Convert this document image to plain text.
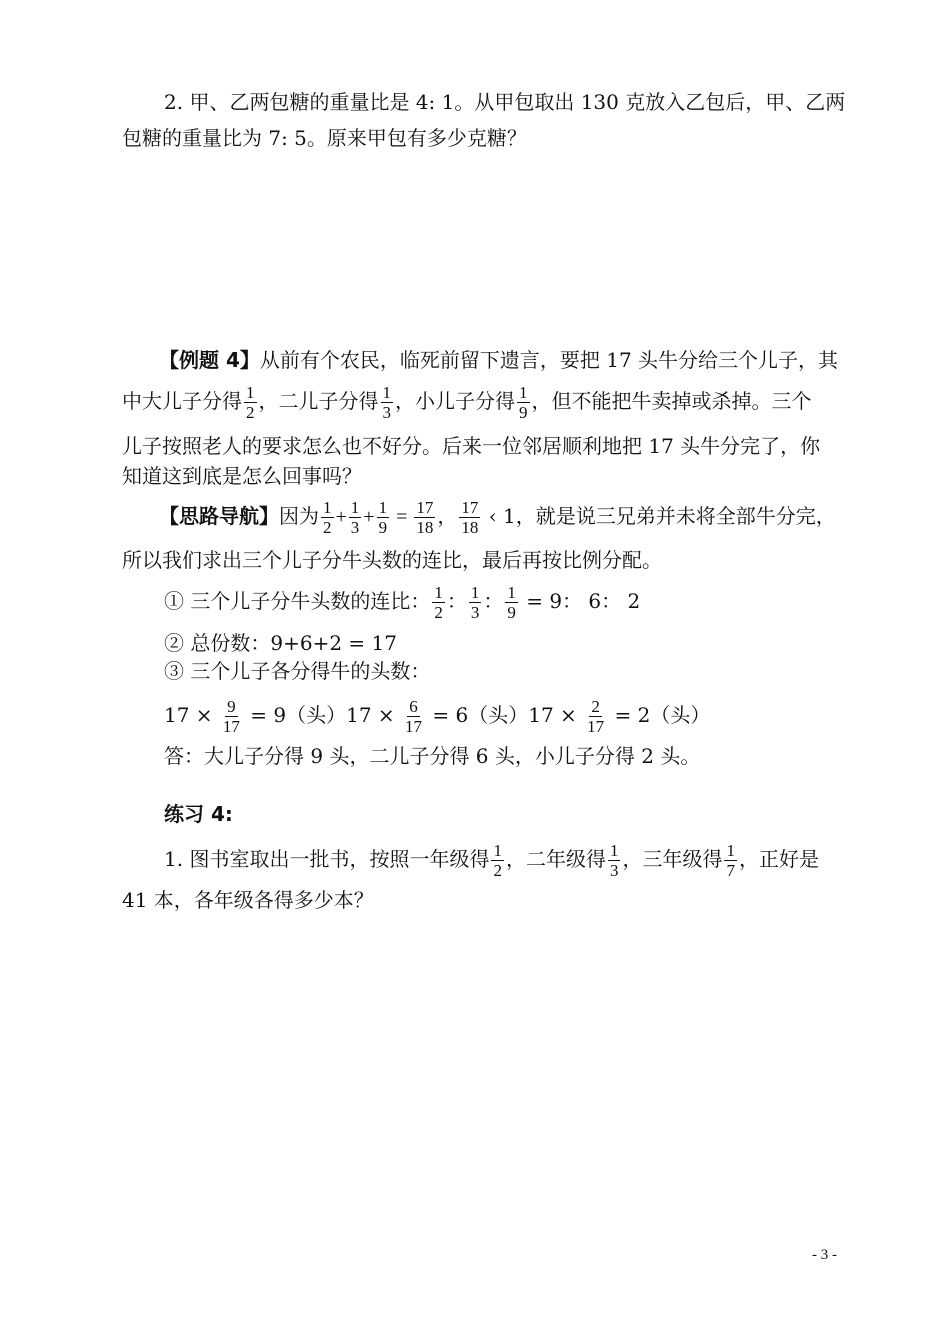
2. 甲、乙两包糖的重量比是 4: 1。从甲包取出 130 克放入乙包后，甲、乙两
包糖的重量比为 7: 5。原来甲包有多少克糖？
【例题 4】从前有个农民，临死前留下遗言，要把 17 头牛分给三个儿子，其
中大儿子分得 $\frac{1}{2}$ ，二儿子分得 $\frac{1}{3}$ ，小儿子分得 $\frac{1}{9}$ ，但不能把牛卖掉或杀掉。三个
儿子按照老人的要求怎么也不好分。后来一位邻居顺利地把 17 头牛分完了，你
知道这到底是怎么回事吗？
【思路导航】因为 $\frac{1}{2} + \frac{1}{3} + \frac{1}{9} = \frac{17}{18}$ ， $\frac{17}{18}$ ‹ 1，就是说三兄弟并未将全部牛分完，
所以我们求出三个儿子分牛头数的连比，最后再按比例分配。
① 三个儿子分牛头数的连比： $\frac{1}{2}$ ： $\frac{1}{3}$ ： $\frac{1}{9} = 9$： 6： 2
② 总份数：9+6+2 = 17
③ 三个儿子各分得牛的头数：
$17 \times \frac{9}{17} = 9$（头）$17 \times \frac{6}{17} = 6$（头）$17 \times \frac{2}{17} = 2$（头）
答：大儿子分得 9 头，二儿子分得 6 头，小儿子分得 2 头。
练习 4:
1. 图书室取出一批书，按照一年级得 $\frac{1}{2}$ ，二年级得 $\frac{1}{3}$ ，三年级得 $\frac{1}{7}$ ，正好是
41 本，各年级各得多少本？
- 3 -
